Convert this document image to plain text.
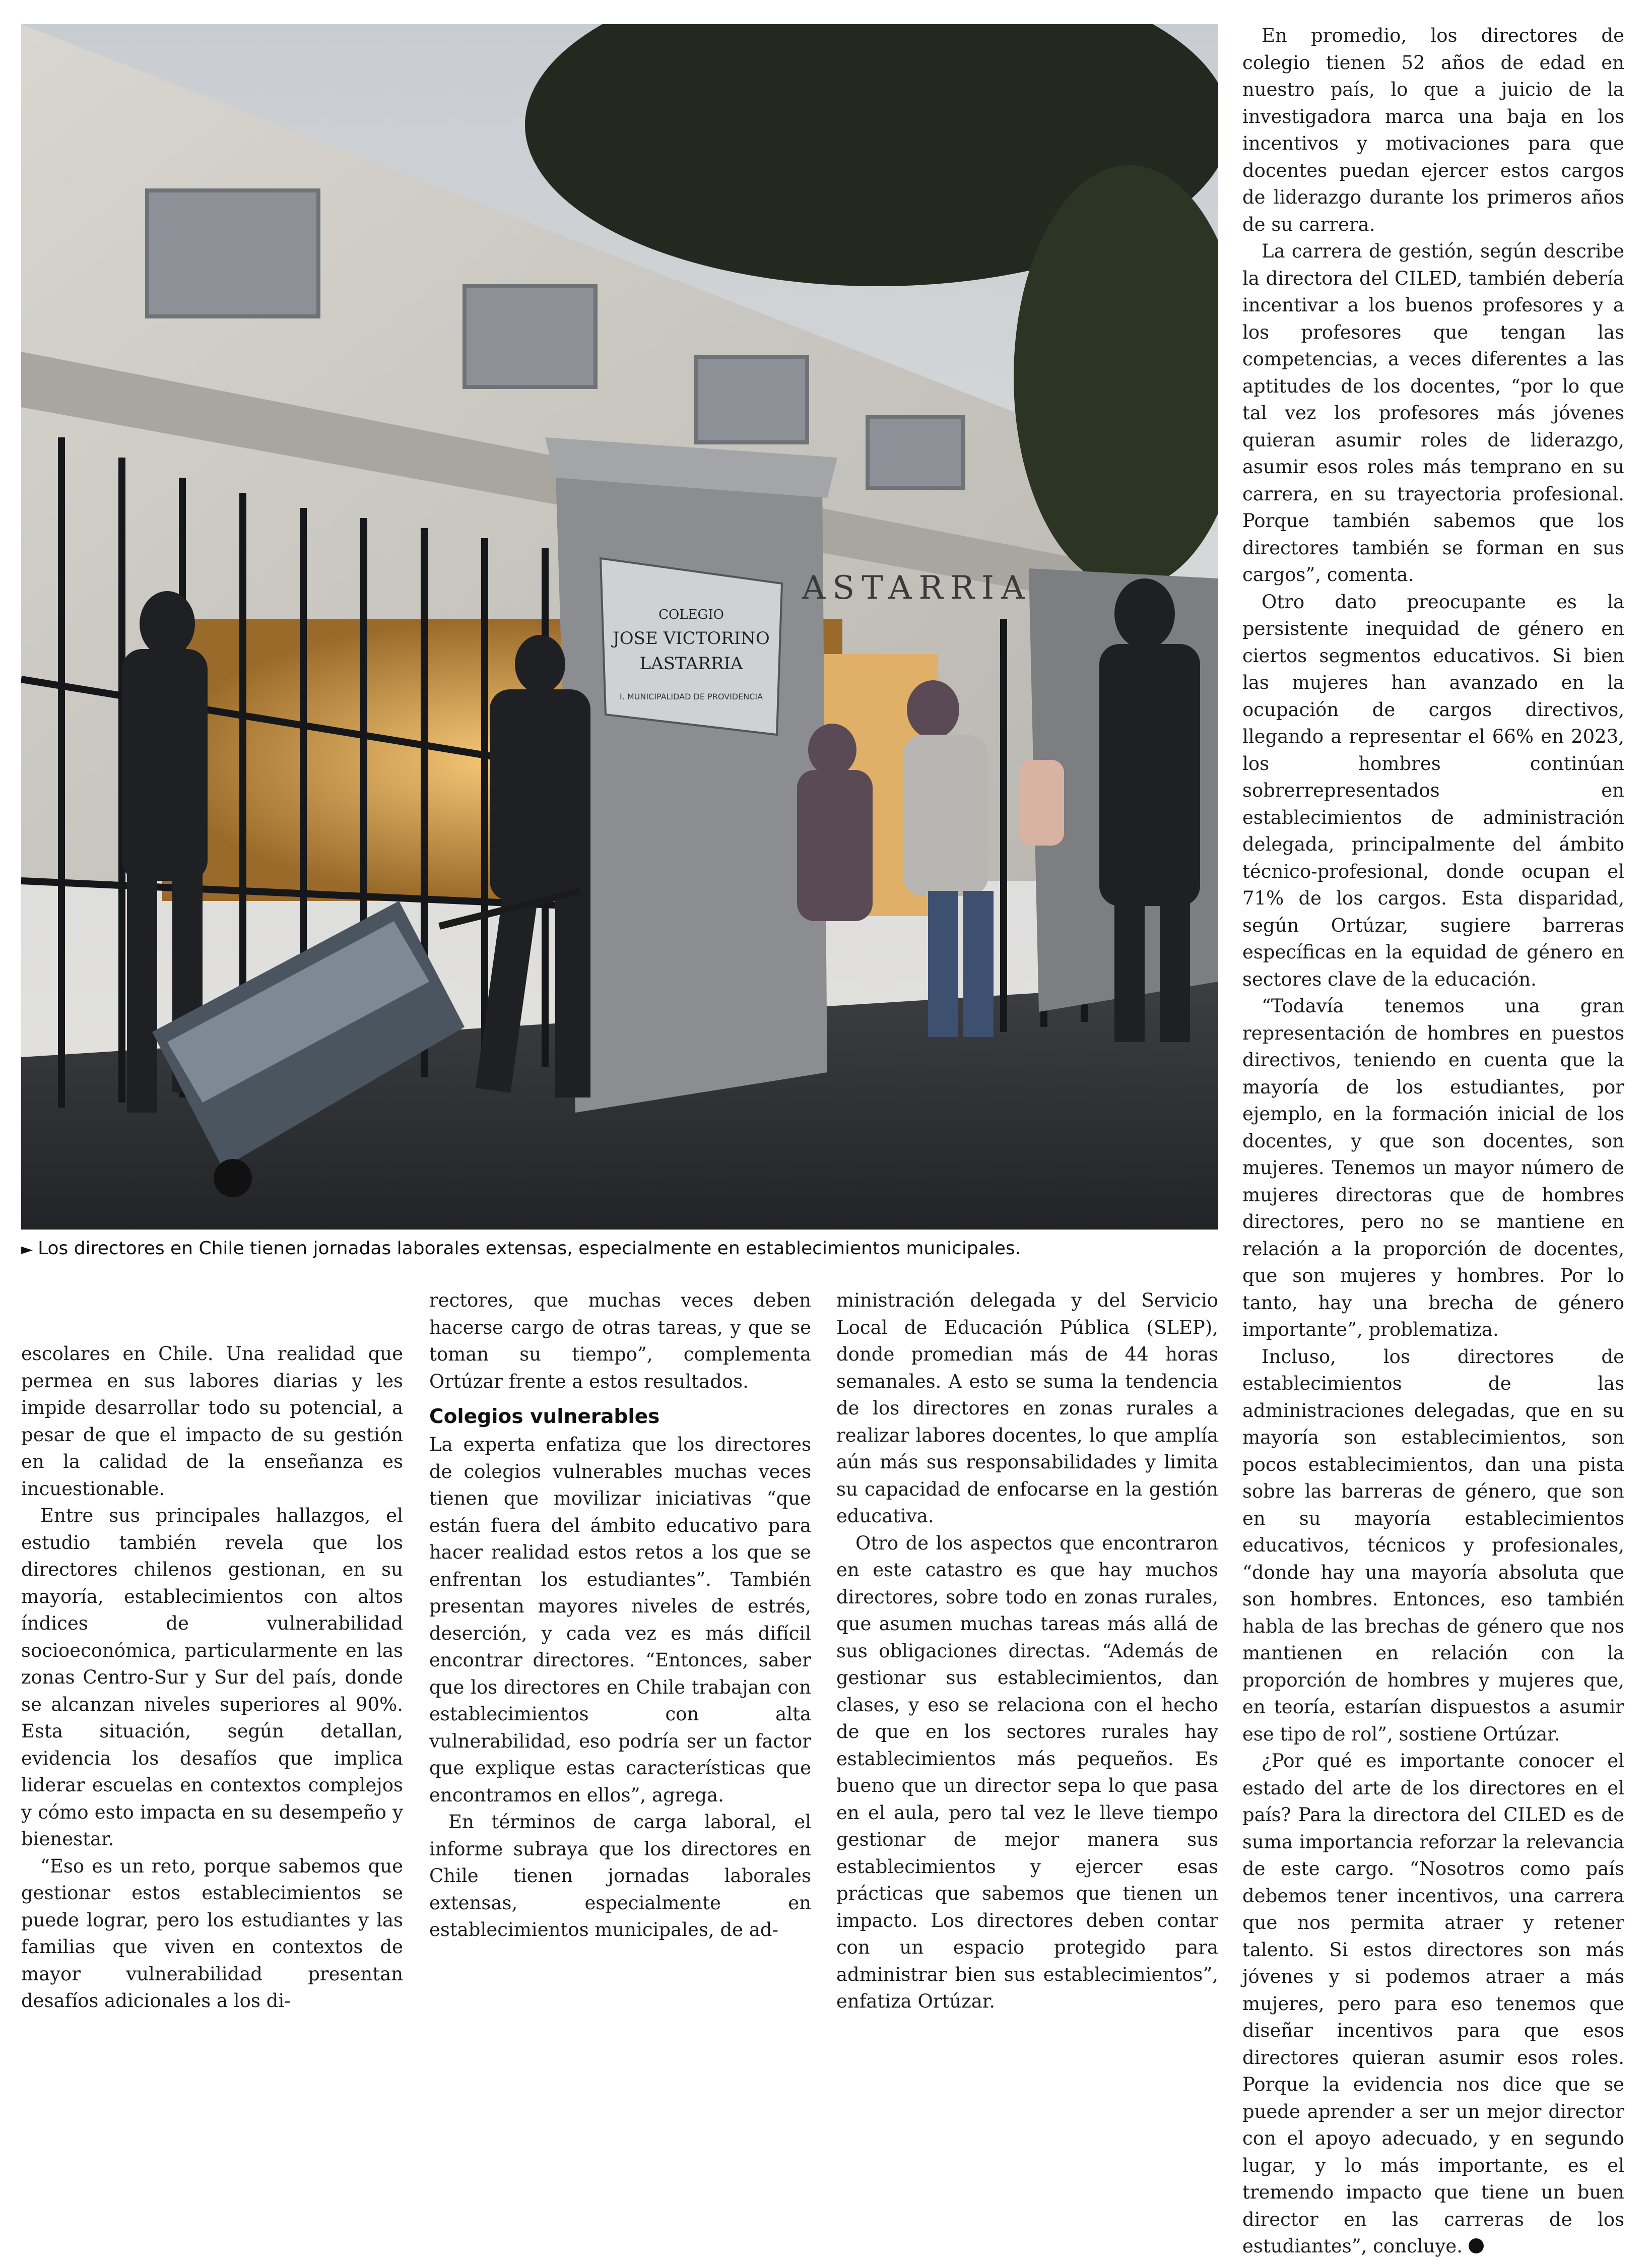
COLEGIO
JOSE VICTORINO
LASTARRIA
I. MUNICIPALIDAD DE PROVIDENCIA
ASTARRIA
► Los directores en Chile tienen jornadas laborales extensas, especialmente en establecimientos municipales.

escolares en Chile. Una realidad que permea en sus labores diarias y les impide desarrollar todo su potencial, a pesar de que el impacto de su gestión en la calidad de la enseñanza es incuestionable.

Entre sus principales hallazgos, el estudio también revela que los directores chilenos gestionan, en su mayoría, establecimientos con altos índices de vulnerabilidad socioeconómica, particularmente en las zonas Centro-Sur y Sur del país, donde se alcanzan niveles superiores al 90%. Esta situación, según detallan, evidencia los desafíos que implica liderar escuelas en contextos complejos y cómo esto impacta en su desempeño y bienestar.

“Eso es un reto, porque sabemos que gestionar estos establecimientos se puede lograr, pero los estudiantes y las familias que viven en contextos de mayor vulnerabilidad presentan desafíos adicionales a los di-

rectores, que muchas veces deben hacerse cargo de otras tareas, y que se toman su tiempo”, complementa Ortúzar frente a estos resultados.

Colegios vulnerables

La experta enfatiza que los directores de colegios vulnerables muchas veces tienen que movilizar iniciativas “que están fuera del ámbito educativo para hacer realidad estos retos a los que se enfrentan los estudiantes”. También presentan mayores niveles de estrés, deserción, y cada vez es más difícil encontrar directores. “Entonces, saber que los directores en Chile trabajan con establecimientos con alta vulnerabilidad, eso podría ser un factor que explique estas características que encontramos en ellos”, agrega.

En términos de carga laboral, el informe subraya que los directores en Chile tienen jornadas laborales extensas, especialmente en establecimientos municipales, de ad-

ministración delegada y del Servicio Local de Educación Pública (SLEP), donde promedian más de 44 horas semanales. A esto se suma la tendencia de los directores en zonas rurales a realizar labores docentes, lo que amplía aún más sus responsabilidades y limita su capacidad de enfocarse en la gestión educativa.

Otro de los aspectos que encontraron en este catastro es que hay muchos directores, sobre todo en zonas rurales, que asumen muchas tareas más allá de sus obligaciones directas. “Además de gestionar sus establecimientos, dan clases, y eso se relaciona con el hecho de que en los sectores rurales hay establecimientos más pequeños. Es bueno que un director sepa lo que pasa en el aula, pero tal vez le lleve tiempo gestionar de mejor manera sus establecimientos y ejercer esas prácticas que sabemos que tienen un impacto. Los directores deben contar con un espacio protegido para administrar bien sus establecimientos”, enfatiza Ortúzar.

En promedio, los directores de colegio tienen 52 años de edad en nuestro país, lo que a juicio de la investigadora marca una baja en los incentivos y motivaciones para que docentes puedan ejercer estos cargos de liderazgo durante los primeros años de su carrera.

La carrera de gestión, según describe la directora del CILED, también debería incentivar a los buenos profesores y a los profesores que tengan las competencias, a veces diferentes a las aptitudes de los docentes, “por lo que tal vez los profesores más jóvenes quieran asumir roles de liderazgo, asumir esos roles más temprano en su carrera, en su trayectoria profesional. Porque también sabemos que los directores también se forman en sus cargos”, comenta.

Otro dato preocupante es la persistente inequidad de género en ciertos segmentos educativos. Si bien las mujeres han avanzado en la ocupación de cargos directivos, llegando a representar el 66% en 2023, los hombres continúan sobrerrepresentados en establecimientos de administración delegada, principalmente del ámbito técnico-profesional, donde ocupan el 71% de los cargos. Esta disparidad, según Ortúzar, sugiere barreras específicas en la equidad de género en sectores clave de la educación.

“Todavía tenemos una gran representación de hombres en puestos directivos, teniendo en cuenta que la mayoría de los estudiantes, por ejemplo, en la formación inicial de los docentes, y que son docentes, son mujeres. Tenemos un mayor número de mujeres directoras que de hombres directores, pero no se mantiene en relación a la proporción de docentes, que son mujeres y hombres. Por lo tanto, hay una brecha de género importante”, problematiza.

Incluso, los directores de establecimientos de las administraciones delegadas, que en su mayoría son establecimientos, son pocos establecimientos, dan una pista sobre las barreras de género, que son en su mayoría establecimientos educativos, técnicos y profesionales, “donde hay una mayoría absoluta que son hombres. Entonces, eso también habla de las brechas de género que nos mantienen en relación con la proporción de hombres y mujeres que, en teoría, estarían dispuestos a asumir ese tipo de rol”, sostiene Ortúzar.

¿Por qué es importante conocer el estado del arte de los directores en el país? Para la directora del CILED es de suma importancia reforzar la relevancia de este cargo. “Nosotros como país debemos tener incentivos, una carrera que nos permita atraer y retener talento. Si estos directores son más jóvenes y si podemos atraer a más mujeres, pero para eso tenemos que diseñar incentivos para que esos directores quieran asumir esos roles. Porque la evidencia nos dice que se puede aprender a ser un mejor director con el apoyo adecuado, y en segundo lugar, y lo más importante, es el tremendo impacto que tiene un buen director en las carreras de los estudiantes”, concluye.
